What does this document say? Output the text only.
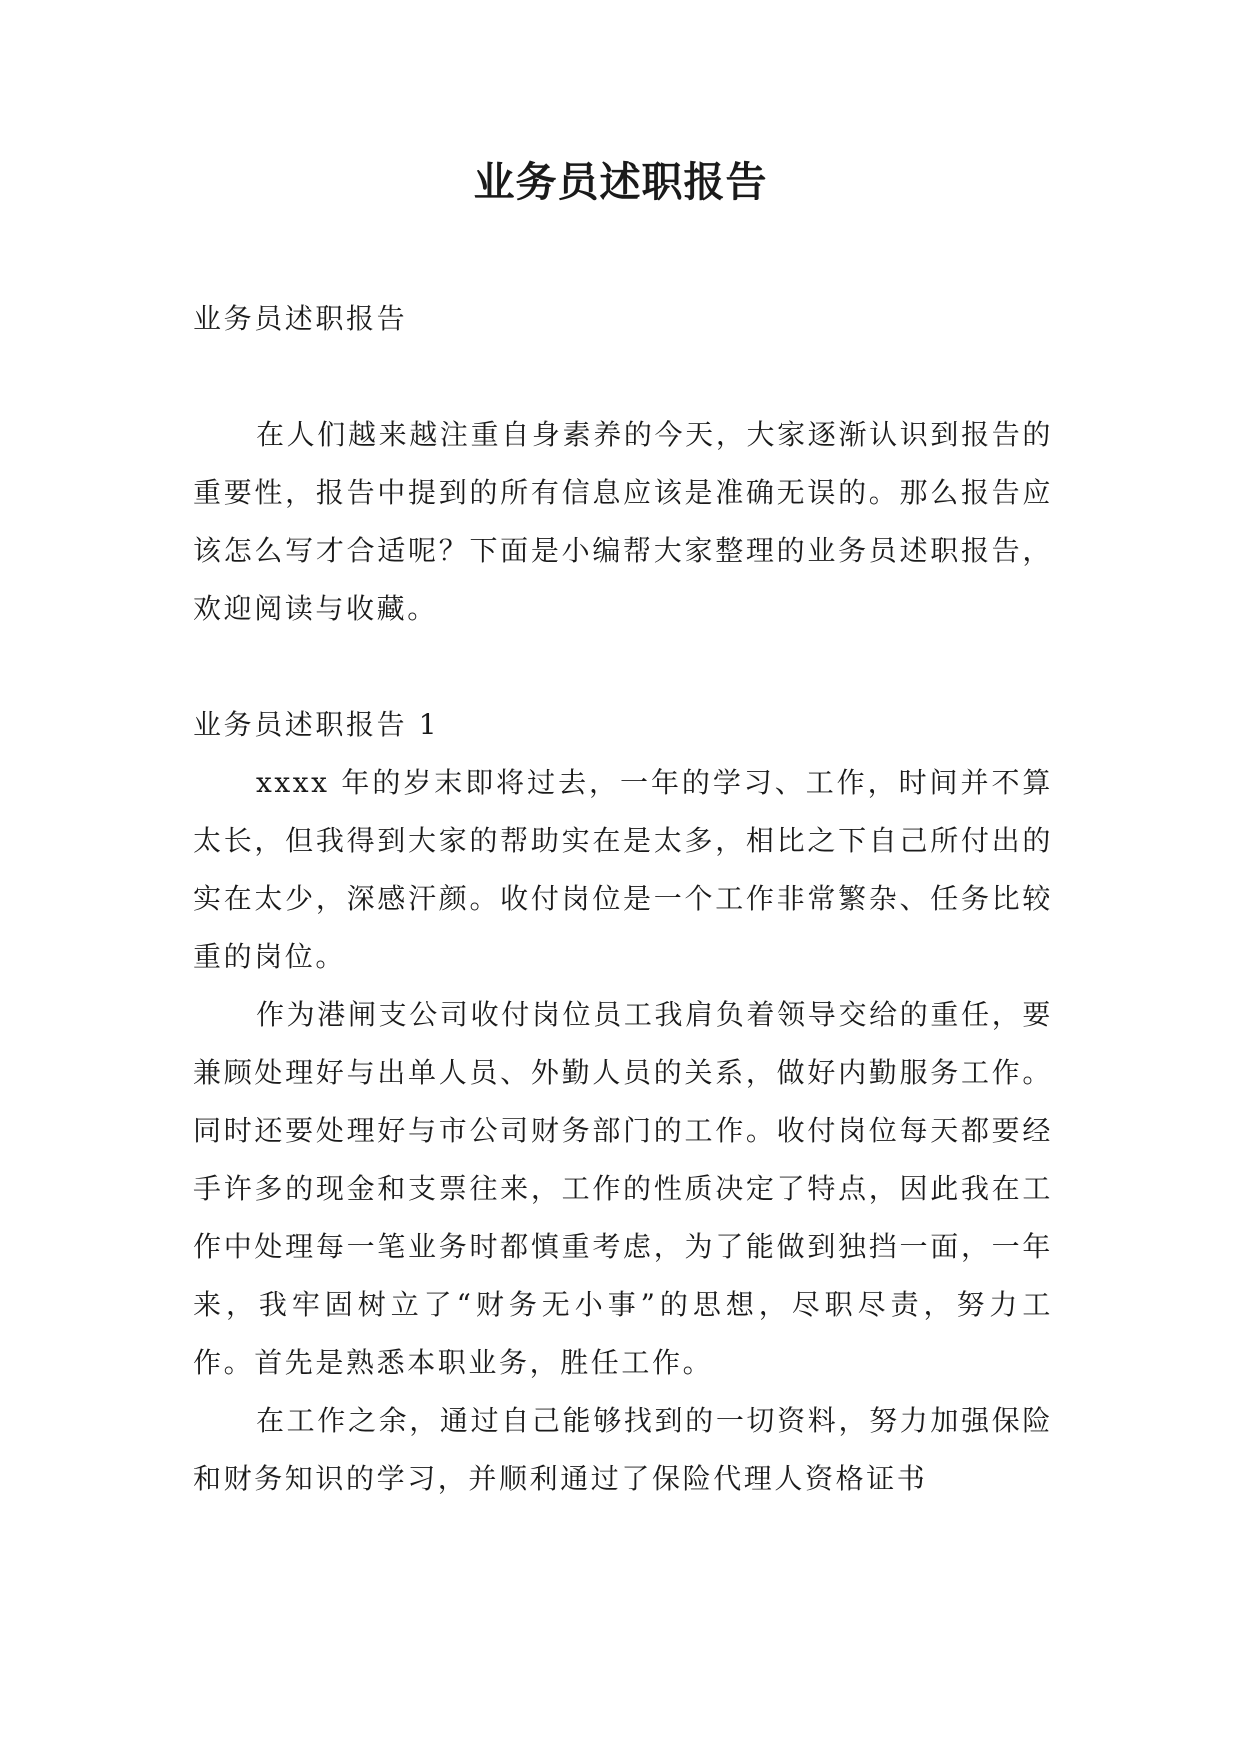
业务员述职报告

业务员述职报告

在人们越来越注重自身素养的今天，大家逐渐认识到报告的重要性，报告中提到的所有信息应该是准确无误的。那么报告应该怎么写才合适呢？下面是小编帮大家整理的业务员述职报告，欢迎阅读与收藏。

业务员述职报告 1

xxxx 年的岁末即将过去，一年的学习、工作，时间并不算太长，但我得到大家的帮助实在是太多，相比之下自己所付出的实在太少，深感汗颜。收付岗位是一个工作非常繁杂、任务比较重的岗位。

作为港闸支公司收付岗位员工我肩负着领导交给的重任，要兼顾处理好与出单人员、外勤人员的关系，做好内勤服务工作。同时还要处理好与市公司财务部门的工作。收付岗位每天都要经手许多的现金和支票往来，工作的性质决定了特点，因此我在工作中处理每一笔业务时都慎重考虑，为了能做到独挡一面，一年来，我牢固树立了“财务无小事”的思想，尽职尽责，努力工作。首先是熟悉本职业务，胜任工作。

在工作之余，通过自己能够找到的一切资料，努力加强保险和财务知识的学习，并顺利通过了保险代理人资格证书
